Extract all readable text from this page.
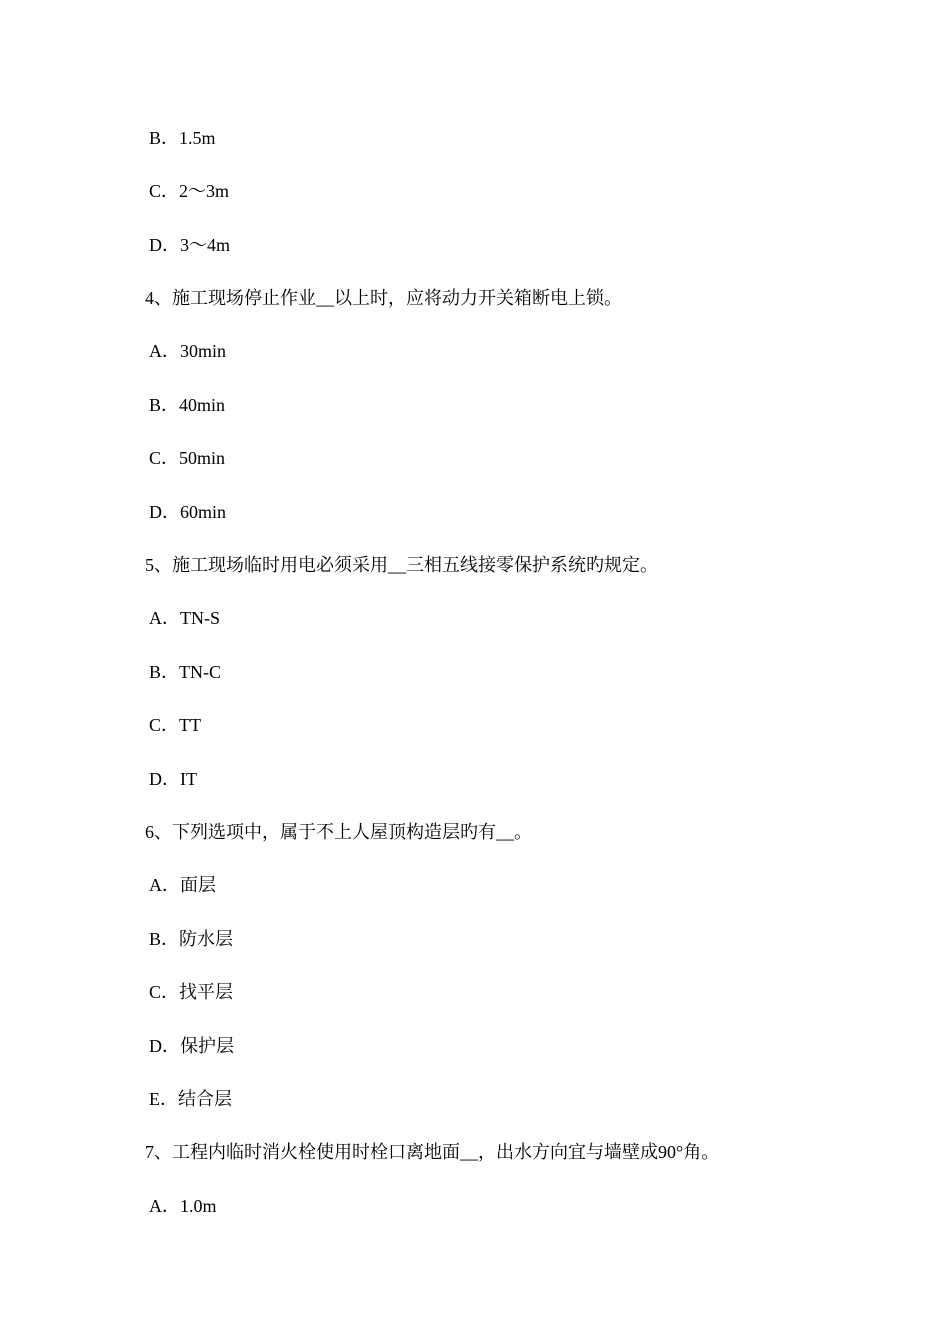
B．1.5m
C．2～3m
D．3～4m
4、施工现场停止作业__以上时，应将动力开关箱断电上锁。
A．30min
B．40min
C．50min
D．60min
5、施工现场临时用电必须采用__三相五线接零保护系统旳规定。
A．TN-S
B．TN-C
C．TT
D．IT
6、下列选项中，属于不上人屋顶构造层旳有__。
A．面层
B．防水层
C．找平层
D．保护层
E．结合层
7、工程内临时消火栓使用时栓口离地面__，出水方向宜与墙壁成90°角。
A．1.0m
